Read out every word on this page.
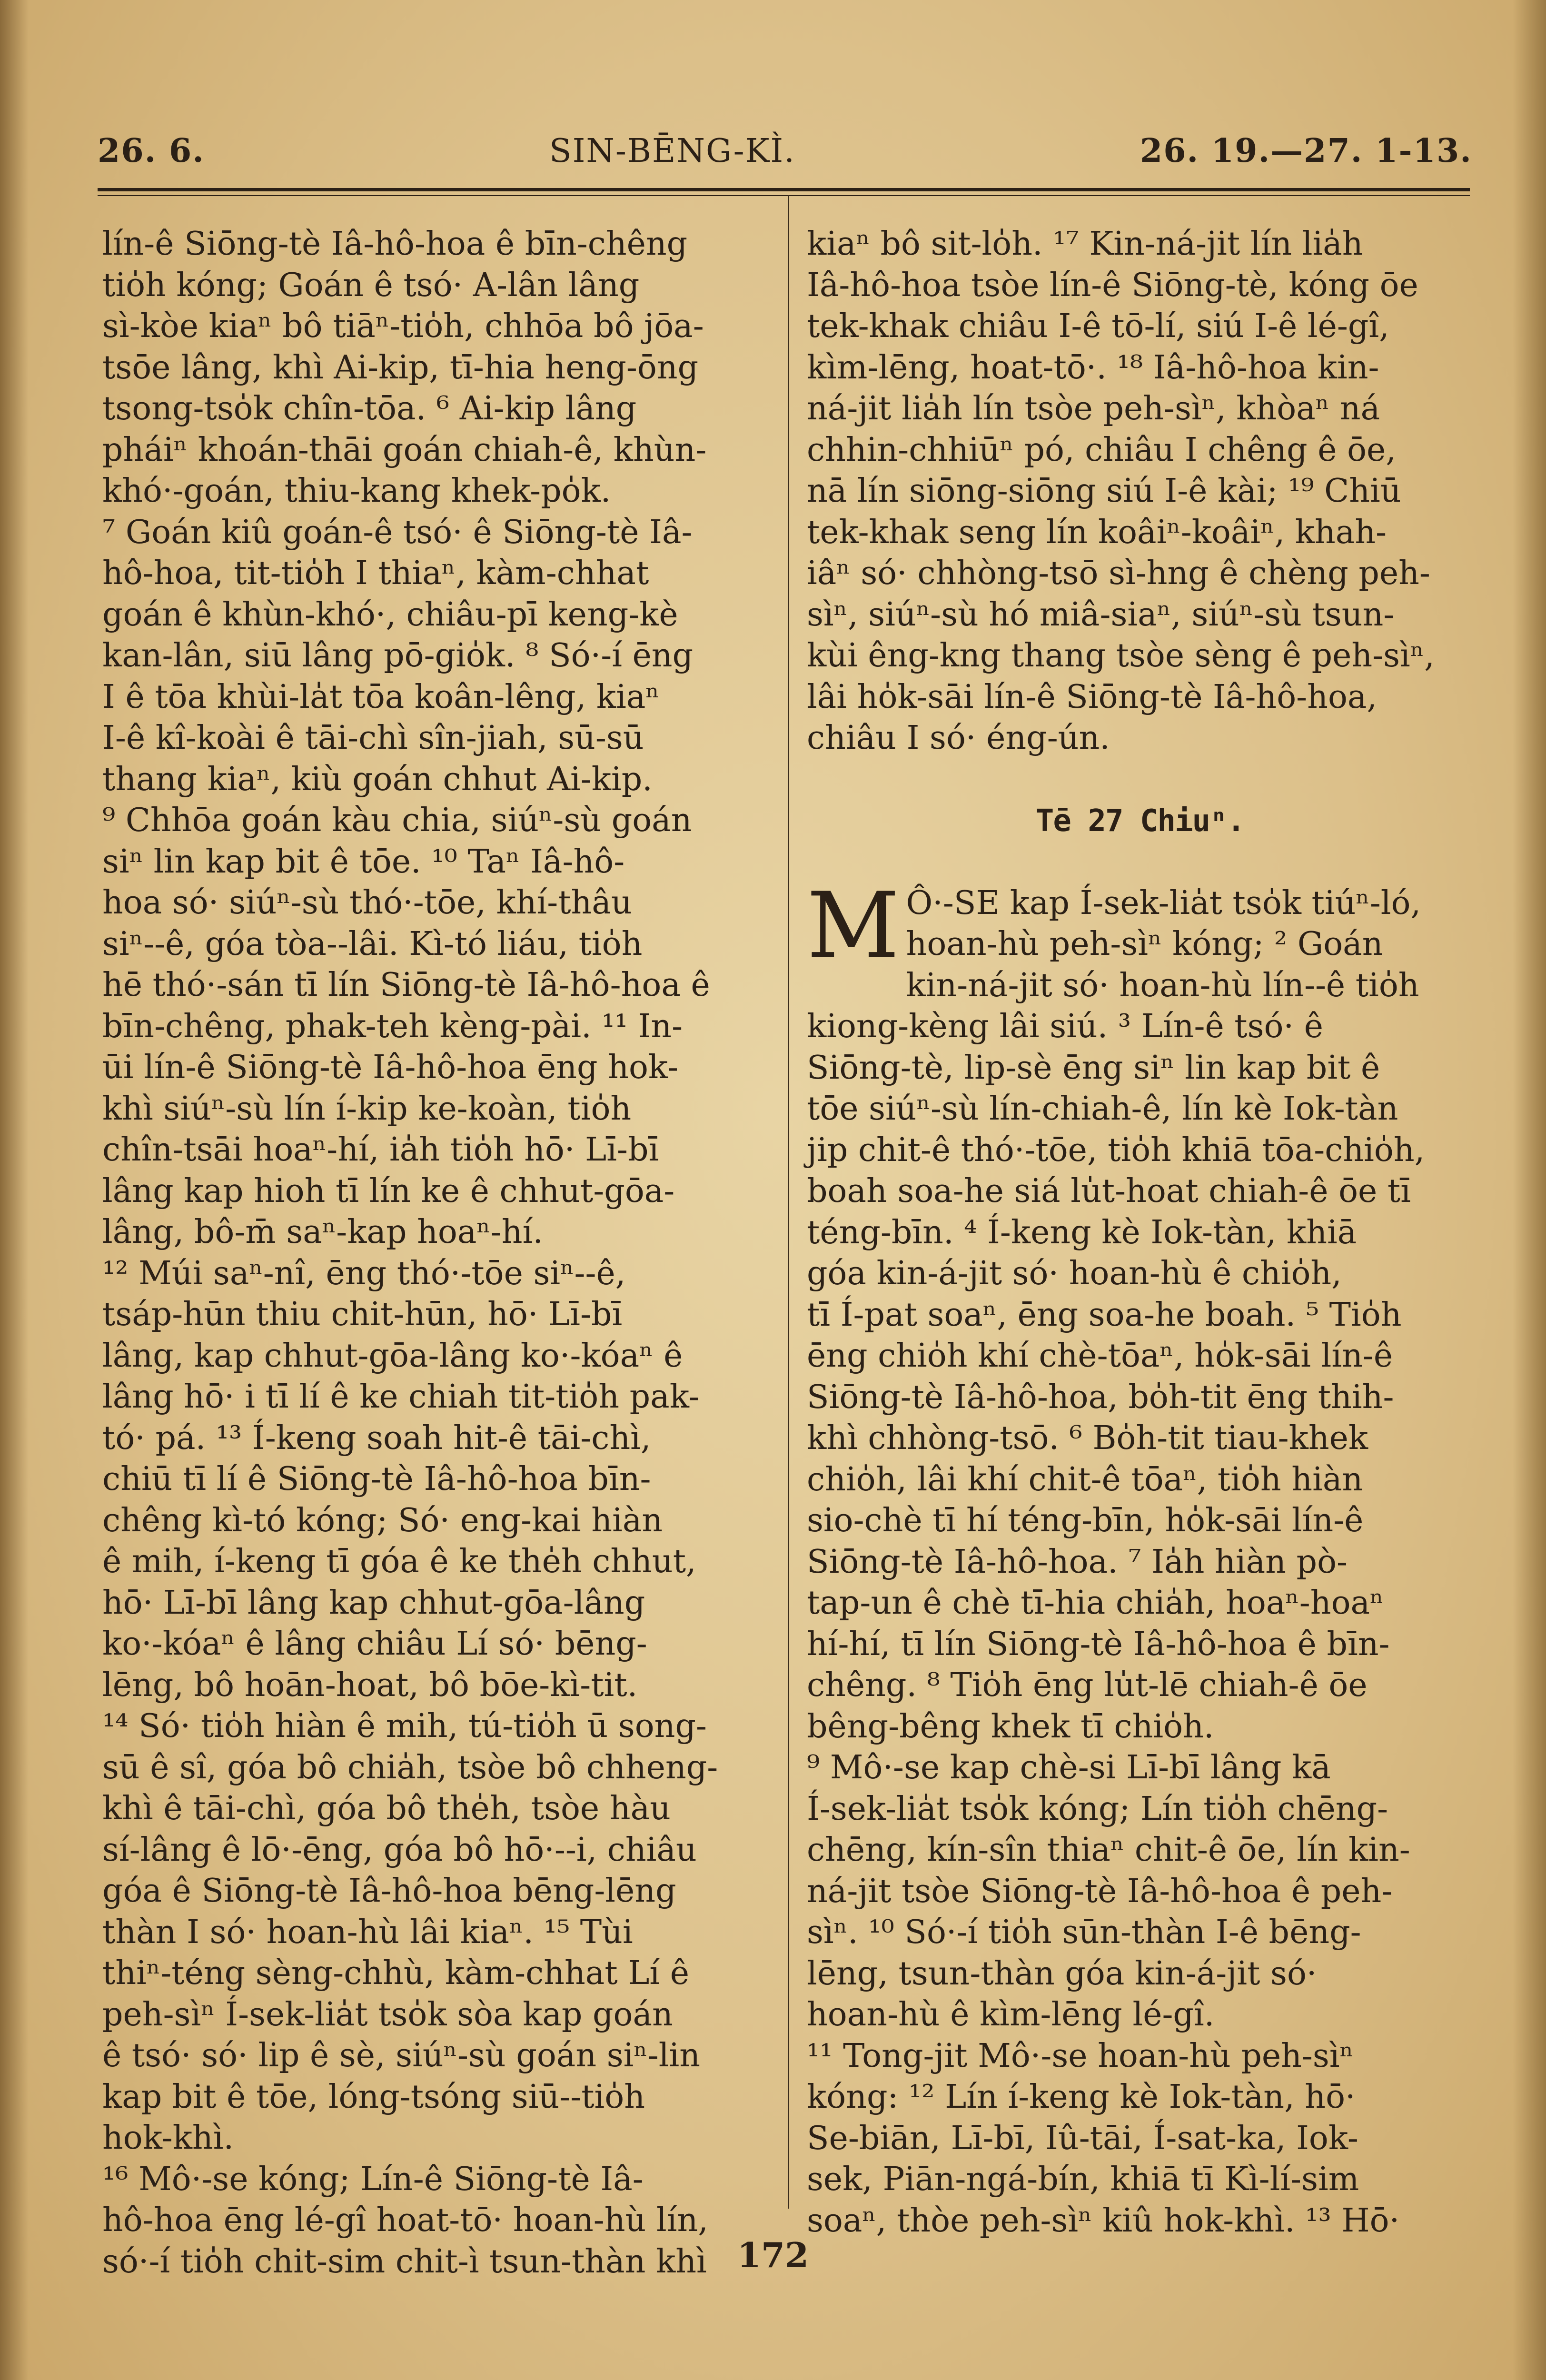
26. 6.	SIN-BĒNG-KÌ.	26. 19.—27. 1-13.
lín-ê Siōng-tè Iâ-hô-hoa ê bīn-chêng
tio̍h kóng; Goán ê tsó· A-lân lâng
sì-kòe kiaⁿ bô tiāⁿ-tio̍h, chhōa bô jōa-
tsōe lâng, khì Ai-kip, tī-hia heng-ōng
tsong-tso̍k chîn-tōa. ⁶ Ai-kip lâng
pháiⁿ khoán-thāi goán chiah-ê, khùn-
khó·-goán, thiu-kang khek-po̍k.
⁷ Goán kiû goán-ê tsó· ê Siōng-tè Iâ-
hô-hoa, tit-tio̍h I thiaⁿ, kàm-chhat
goán ê khùn-khó·, chiâu-pī keng-kè
kan-lân, siū lâng pō-gio̍k. ⁸ Só·-í ēng
I ê tōa khùi-la̍t tōa koân-lêng, kiaⁿ
I-ê kî-koài ê tāi-chì sîn-jiah, sū-sū
thang kiaⁿ, kiù goán chhut Ai-kip.
⁹ Chhōa goán kàu chia, siúⁿ-sù goán
siⁿ lin kap bit ê tōe. ¹⁰ Taⁿ Iâ-hô-
hoa só· siúⁿ-sù thó·-tōe, khí-thâu
siⁿ--ê, góa tòa--lâi. Kì-tó liáu, tio̍h
hē thó·-sán tī lín Siōng-tè Iâ-hô-hoa ê
bīn-chêng, phak-teh kèng-pài. ¹¹ In-
ūi lín-ê Siōng-tè Iâ-hô-hoa ēng hok-
khì siúⁿ-sù lín í-kip ke-koàn, tio̍h
chîn-tsāi hoaⁿ-hí, ia̍h tio̍h hō· Lī-bī
lâng kap hioh tī lín ke ê chhut-gōa-
lâng, bô-m̄ saⁿ-kap hoaⁿ-hí.
¹² Múi saⁿ-nî, ēng thó·-tōe siⁿ--ê,
tsáp-hūn thiu chit-hūn, hō· Lī-bī
lâng, kap chhut-gōa-lâng ko·-kóaⁿ ê
lâng hō· i tī lí ê ke chiah tit-tio̍h pak-
tó· pá. ¹³ Í-keng soah hit-ê tāi-chì,
chiū tī lí ê Siōng-tè Iâ-hô-hoa bīn-
chêng kì-tó kóng; Só· eng-kai hiàn
ê mih, í-keng tī góa ê ke the̍h chhut,
hō· Lī-bī lâng kap chhut-gōa-lâng
ko·-kóaⁿ ê lâng chiâu Lí só· bēng-
lēng, bô hoān-hoat, bô bōe-kì-tit.
¹⁴ Só· tio̍h hiàn ê mih, tú-tio̍h ū song-
sū ê sî, góa bô chia̍h, tsòe bô chheng-
khì ê tāi-chì, góa bô the̍h, tsòe hàu
sí-lâng ê lō·-ēng, góa bô hō·--i, chiâu
góa ê Siōng-tè Iâ-hô-hoa bēng-lēng
thàn I só· hoan-hù lâi kiaⁿ. ¹⁵ Tùi
thiⁿ-téng sèng-chhù, kàm-chhat Lí ê
peh-sìⁿ Í-sek-lia̍t tso̍k sòa kap goán
ê tsó· só· lip ê sè, siúⁿ-sù goán siⁿ-lin
kap bit ê tōe, lóng-tsóng siū--tio̍h
hok-khì.
¹⁶ Mô·-se kóng; Lín-ê Siōng-tè Iâ-
hô-hoa ēng lé-gî hoat-tō· hoan-hù lín,
só·-í tio̍h chit-sim chit-ì tsun-thàn khì
kiaⁿ bô sit-lo̍h. ¹⁷ Kin-ná-jit lín lia̍h
Iâ-hô-hoa tsòe lín-ê Siōng-tè, kóng ōe
tek-khak chiâu I-ê tō-lí, siú I-ê lé-gî,
kìm-lēng, hoat-tō·. ¹⁸ Iâ-hô-hoa kin-
ná-jit lia̍h lín tsòe peh-sìⁿ, khòaⁿ ná
chhin-chhiūⁿ pó, chiâu I chêng ê ōe,
nā lín siōng-siōng siú I-ê kài; ¹⁹ Chiū
tek-khak seng lín koâiⁿ-koâiⁿ, khah-
iâⁿ só· chhòng-tsō sì-hng ê chèng peh-
sìⁿ, siúⁿ-sù hó miâ-siaⁿ, siúⁿ-sù tsun-
kùi êng-kng thang tsòe sèng ê peh-sìⁿ,
lâi ho̍k-sāi lín-ê Siōng-tè Iâ-hô-hoa,
chiâu I só· éng-ún.
Tē 27 Chiuⁿ.
M Ô·-SE kap Í-sek-lia̍t tso̍k tiúⁿ-ló,
hoan-hù peh-sìⁿ kóng; ² Goán
kin-ná-jit só· hoan-hù lín--ê tio̍h
kiong-kèng lâi siú. ³ Lín-ê tsó· ê
Siōng-tè, lip-sè ēng siⁿ lin kap bit ê
tōe siúⁿ-sù lín-chiah-ê, lín kè Iok-tàn
jip chit-ê thó·-tōe, tio̍h khiā tōa-chio̍h,
boah soa-he siá lu̍t-hoat chiah-ê ōe tī
téng-bīn. ⁴ Í-keng kè Iok-tàn, khiā
góa kin-á-jit só· hoan-hù ê chio̍h,
tī Í-pat soaⁿ, ēng soa-he boah. ⁵ Tio̍h
ēng chio̍h khí chè-tōaⁿ, ho̍k-sāi lín-ê
Siōng-tè Iâ-hô-hoa, bo̍h-tit ēng thih-
khì chhòng-tsō. ⁶ Bo̍h-tit tiau-khek
chio̍h, lâi khí chit-ê tōaⁿ, tio̍h hiàn
sio-chè tī hí téng-bīn, ho̍k-sāi lín-ê
Siōng-tè Iâ-hô-hoa. ⁷ Ia̍h hiàn pò-
tap-un ê chè tī-hia chia̍h, hoaⁿ-hoaⁿ
hí-hí, tī lín Siōng-tè Iâ-hô-hoa ê bīn-
chêng. ⁸ Tio̍h ēng lu̍t-lē chiah-ê ōe
bêng-bêng khek tī chio̍h.
⁹ Mô·-se kap chè-si Lī-bī lâng kā
Í-sek-lia̍t tso̍k kóng; Lín tio̍h chēng-
chēng, kín-sîn thiaⁿ chit-ê ōe, lín kin-
ná-jit tsòe Siōng-tè Iâ-hô-hoa ê peh-
sìⁿ. ¹⁰ Só·-í tio̍h sūn-thàn I-ê bēng-
lēng, tsun-thàn góa kin-á-jit só·
hoan-hù ê kìm-lēng lé-gî.
¹¹ Tong-jit Mô·-se hoan-hù peh-sìⁿ
kóng: ¹² Lín í-keng kè Iok-tàn, hō·
Se-biān, Lī-bī, Iû-tāi, Í-sat-ka, Iok-
sek, Piān-ngá-bín, khiā tī Kì-lí-sim
soaⁿ, thòe peh-sìⁿ kiû hok-khì. ¹³ Hō·
172
